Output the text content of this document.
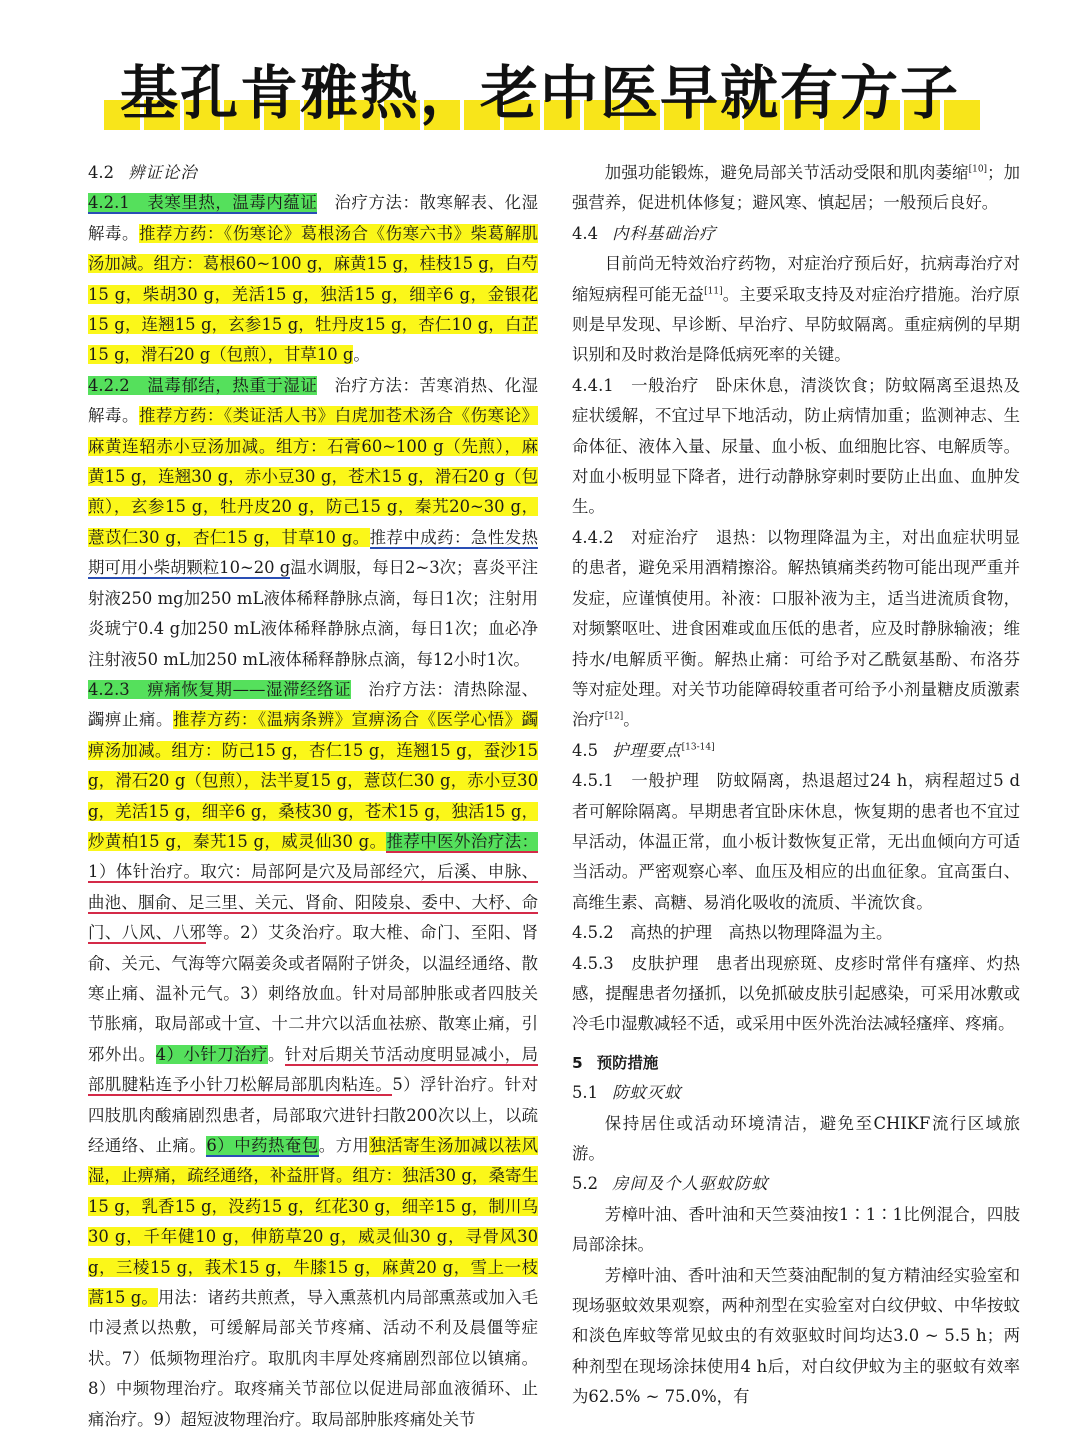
基孔肯雅热，老中医早就有方子

4.2 辨证论治

4.2.1　表寒里热，温毒内蕴证　治疗方法：散寒解表、化湿解毒。推荐方药：《伤寒论》葛根汤合《伤寒六书》柴葛解肌汤加减。组方：葛根60~100 g，麻黄15 g，桂枝15 g，白芍15 g，柴胡30 g，羌活15 g，独活15 g，细辛6 g，金银花15 g，连翘15 g，玄参15 g，牡丹皮15 g，杏仁10 g，白芷15 g，滑石20 g（包煎），甘草10 g。

4.2.2　温毒郁结，热重于湿证　治疗方法：苦寒消热、化湿解毒。推荐方药：《类证活人书》白虎加苍术汤合《伤寒论》麻黄连轺赤小豆汤加减。组方：石膏60~100 g（先煎），麻黄15 g，连翘30 g，赤小豆30 g，苍术15 g，滑石20 g（包煎），玄参15 g，牡丹皮20 g，防己15 g，秦艽20~30 g，薏苡仁30 g，杏仁15 g，甘草10 g。推荐中成药：急性发热期可用小柴胡颗粒10~20 g温水调服，每日2~3次；喜炎平注射液250 mg加250 mL液体稀释静脉点滴，每日1次；注射用炎琥宁0.4 g加250 mL液体稀释静脉点滴，每日1次；血必净注射液50 mL加250 mL液体稀释静脉点滴，每12小时1次。

4.2.3　痹痛恢复期——湿滞经络证　治疗方法：清热除湿、蠲痹止痛。推荐方药：《温病条辨》宣痹汤合《医学心悟》蠲痹汤加减。组方：防己15 g，杏仁15 g，连翘15 g，蚕沙15 g，滑石20 g（包煎），法半夏15 g，薏苡仁30 g，赤小豆30 g，羌活15 g，细辛6 g，桑枝30 g，苍术15 g，独活15 g，炒黄柏15 g，秦艽15 g，威灵仙30 g。推荐中医外治疗法：1）体针治疗。取穴：局部阿是穴及局部经穴，后溪、申脉、曲池、腘俞、足三里、关元、肾俞、阳陵泉、委中、大杼、命门、八风、八邪等。2）艾灸治疗。取大椎、命门、至阳、肾俞、关元、气海等穴隔姜灸或者隔附子饼灸，以温经通络、散寒止痛、温补元气。3）刺络放血。针对局部肿胀或者四肢关节胀痛，取局部或十宣、十二井穴以活血祛瘀、散寒止痛，引邪外出。4）小针刀治疗。针对后期关节活动度明显减小，局部肌腱粘连予小针刀松解局部肌肉粘连。5）浮针治疗。针对四肢肌肉酸痛剧烈患者，局部取穴进针扫散200次以上，以疏经通络、止痛。6）中药热奄包。方用独活寄生汤加减以祛风湿，止痹痛，疏经通络，补益肝肾。组方：独活30 g，桑寄生15 g，乳香15 g，没药15 g，红花30 g，细辛15 g，制川乌30 g，千年健10 g，伸筋草20 g，威灵仙30 g，寻骨风30 g，三棱15 g，莪术15 g，牛膝15 g，麻黄20 g，雪上一枝蒿15 g。用法：诸药共煎煮，导入熏蒸机内局部熏蒸或加入毛巾浸煮以热敷，可缓解局部关节疼痛、活动不利及晨僵等症状。7）低频物理治疗。取肌肉丰厚处疼痛剧烈部位以镇痛。8）中频物理治疗。取疼痛关节部位以促进局部血液循环、止痛治疗。9）超短波物理治疗。取局部肿胀疼痛处关节

加强功能锻炼，避免局部关节活动受限和肌肉萎缩[10]；加强营养，促进机体修复；避风寒、慎起居；一般预后良好。

4.4 内科基础治疗

目前尚无特效治疗药物，对症治疗预后好，抗病毒治疗对缩短病程可能无益[11]。主要采取支持及对症治疗措施。治疗原则是早发现、早诊断、早治疗、早防蚊隔离。重症病例的早期识别和及时救治是降低病死率的关键。

4.4.1　一般治疗　卧床休息，清淡饮食；防蚊隔离至退热及症状缓解，不宜过早下地活动，防止病情加重；监测神志、生命体征、液体入量、尿量、血小板、血细胞比容、电解质等。对血小板明显下降者，进行动静脉穿刺时要防止出血、血肿发生。

4.4.2　对症治疗　退热：以物理降温为主，对出血症状明显的患者，避免采用酒精擦浴。解热镇痛类药物可能出现严重并发症，应谨慎使用。补液：口服补液为主，适当进流质食物，对频繁呕吐、进食困难或血压低的患者，应及时静脉输液；维持水/电解质平衡。解热止痛：可给予对乙酰氨基酚、布洛芬等对症处理。对关节功能障碍较重者可给予小剂量糖皮质激素治疗[12]。

4.5 护理要点[13-14]

4.5.1　一般护理　防蚊隔离，热退超过24 h，病程超过5 d者可解除隔离。早期患者宜卧床休息，恢复期的患者也不宜过早活动，体温正常，血小板计数恢复正常，无出血倾向方可适当活动。严密观察心率、血压及相应的出血征象。宜高蛋白、高维生素、高糖、易消化吸收的流质、半流饮食。

4.5.2　高热的护理　高热以物理降温为主。

4.5.3　皮肤护理　患者出现瘀斑、皮疹时常伴有瘙痒、灼热感，提醒患者勿搔抓，以免抓破皮肤引起感染，可采用冰敷或冷毛巾湿敷减轻不适，或采用中医外洗治法减轻瘙痒、疼痛。

5 预防措施

5.1 防蚊灭蚊

保持居住或活动环境清洁，避免至CHIKF流行区域旅游。

5.2 房间及个人驱蚊防蚊

芳樟叶油、香叶油和天竺葵油按1∶1∶1比例混合，四肢局部涂抹。

芳樟叶油、香叶油和天竺葵油配制的复方精油经实验室和现场驱蚊效果观察，两种剂型在实验室对白纹伊蚊、中华按蚊和淡色库蚊等常见蚊虫的有效驱蚊时间均达3.0 ~ 5.5 h；两种剂型在现场涂抹使用4 h后，对白纹伊蚊为主的驱蚊有效率为62.5% ~ 75.0%，有
